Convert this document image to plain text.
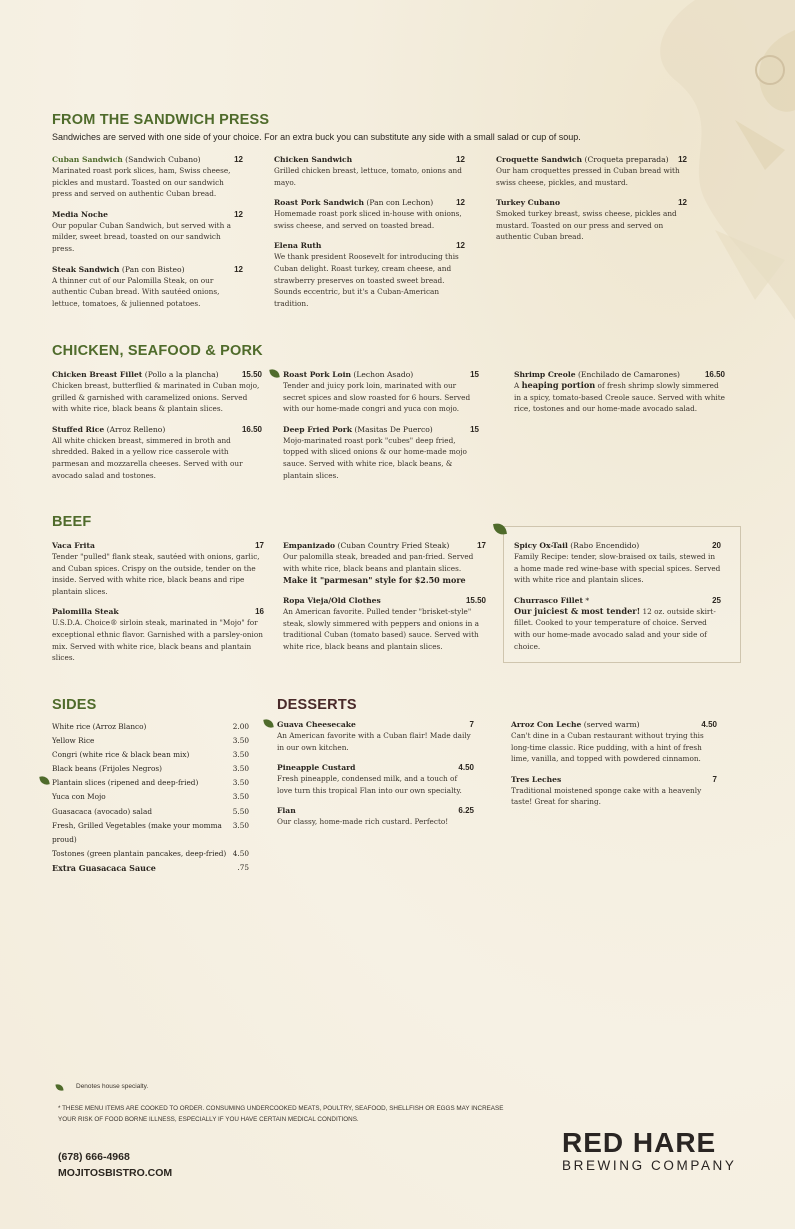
FROM THE SANDWICH PRESS
Sandwiches are served with one side of your choice. For an extra buck you can substitute any side with a small salad or cup of soup.
Cuban Sandwich (Sandwich Cubano)	12

Marinated roast pork slices, ham, Swiss cheese, pickles and mustard. Toasted on our sandwich press and served on authentic Cuban bread.

Media Noche	12

Our popular Cuban Sandwich, but served with a milder, sweet bread, toasted on our sandwich press.

Steak Sandwich (Pan con Bisteo)	12

A thinner cut of our Palomilla Steak, on our authentic Cuban bread. With sautéed onions, lettuce, tomatoes, & julienned potatoes.

Chicken Sandwich	12

Grilled chicken breast, lettuce, tomato, onions and mayo.

Roast Pork Sandwich (Pan con Lechon)	12

Homemade roast pork sliced in-house with onions, swiss cheese, and served on toasted bread.

Elena Ruth	12

We thank president Roosevelt for introducing this Cuban delight. Roast turkey, cream cheese, and strawberry preserves on toasted sweet bread. Sounds eccentric, but it's a Cuban-American tradition.

Croquette Sandwich (Croqueta preparada) 12

Our ham croquettes pressed in Cuban bread with swiss cheese, pickles, and mustard.

Turkey Cubano	12

Smoked turkey breast, swiss cheese, pickles and mustard. Toasted on our press and served on authentic Cuban bread.

CHICKEN, SEAFOOD & PORK
Chicken Breast Fillet (Pollo a la plancha)	15.50

Chicken breast, butterflied & marinated in Cuban mojo, grilled & garnished with caramelized onions. Served with white rice, black beans & plantain slices.

Stuffed Rice (Arroz Relleno)	16.50

All white chicken breast, simmered in broth and shredded. Baked in a yellow rice casserole with parmesan and mozzarella cheeses. Served with our avocado salad and tostones.

Roast Pork Loin (Lechon Asado)	15

Tender and juicy pork loin, marinated with our secret spices and slow roasted for 6 hours. Served with our home-made congri and yuca con mojo.

Deep Fried Pork (Masitas De Puerco)	15

Mojo-marinated roast pork "cubes" deep fried, topped with sliced onions & our home-made mojo sauce. Served with white rice, black beans, & plantain slices.

Shrimp Creole (Enchilado de Camarones)	16.50

A heaping portion of fresh shrimp slowly simmered in a spicy, tomato-based Creole sauce. Served with white rice, tostones and our home-made avocado salad.

BEEF
Vaca Frita	17

Tender "pulled" flank steak, sautéed with onions, garlic, and Cuban spices. Crispy on the outside, tender on the inside. Served with white rice, black beans and ripe plantain slices.

Palomilla Steak	16

U.S.D.A. Choice® sirloin steak, marinated in "Mojo" for exceptional ethnic flavor. Garnished with a parsley-onion mix. Served with white rice, black beans and plantain slices.

Empanizado (Cuban Country Fried Steak)	17

Our palomilla steak, breaded and pan-fried. Served with white rice, black beans and plantain slices.

Make it "parmesan" style for $2.50 more
Ropa Vieja/Old Clothes	15.50

An American favorite. Pulled tender "brisket-style" steak, slowly simmered with peppers and onions in a traditional Cuban (tomato based) sauce. Served with white rice, black beans and plantain slices.

Spicy Ox-Tail (Rabo Encendido)	20

Family Recipe: tender, slow-braised ox tails, stewed in a home made red wine-base with special spices. Served with white rice and plantain slices.

Churrasco Fillet *	25

Our juiciest & most tender! 12 oz. outside skirt-fillet. Cooked to your temperature of choice. Served with our home-made avocado salad and your side of choice.

SIDES
White rice (Arroz Blanco)	2.00
Yellow Rice	3.50
Congri (white rice & black bean mix)	3.50
Black beans (Frijoles Negros)	3.50
Plantain slices (ripened and deep-fried)	3.50
Yuca con Mojo	3.50
Guasacaca (avocado) salad	5.50
Fresh, Grilled Vegetables (make your momma proud)
3.50
Tostones (green plantain pancakes, deep-fried) 4.50
Extra Guasacaca Sauce	.75
DESSERTS
Guava Cheesecake	7

An American favorite with a Cuban flair! Made daily in our own kitchen.

Pineapple Custard	4.50

Fresh pineapple, condensed milk, and a touch of love turn this tropical Flan into our own specialty.

Flan	6.25

Our classy, home-made rich custard. Perfecto!

Arroz Con Leche (served warm)	4.50

Can't dine in a Cuban restaurant without trying this long-time classic. Rice pudding, with a hint of fresh lime, vanilla, and topped with powdered cinnamon.

Tres Leches	7

Traditional moistened sponge cake with a heavenly taste! Great for sharing.

Denotes house specialty.
* THESE MENU ITEMS ARE COOKED TO ORDER. CONSUMING UNDERCOOKED MEATS, POULTRY, SEAFOOD, SHELLFISH OR EGGS MAY INCREASE YOUR RISK OF FOOD BORNE ILLNESS, ESPECIALLY IF YOU HAVE CERTAIN MEDICAL CONDITIONS.
(678) 666-4968
MOJITOSBISTRO.COM
RED HARE
BREWING COMPANY
